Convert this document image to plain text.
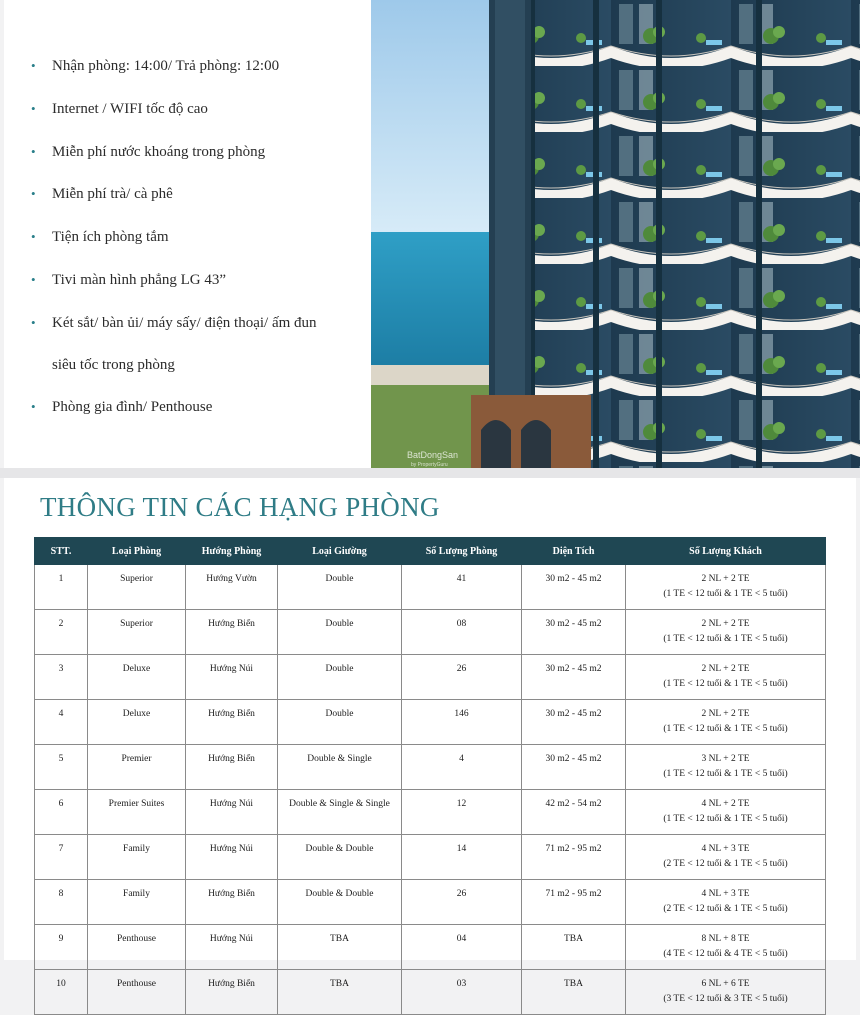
• Nhận phòng: 14:00/ Trả phòng: 12:00
• Internet / WIFI tốc độ cao
• Miễn phí nước khoáng trong phòng
• Miễn phí trà/ cà phê
• Tiện ích phòng tắm
• Tivi màn hình phẳng LG 43”
• Két sắt/ bàn ủi/ máy sấy/ điện thoại/ ấm đun
siêu tốc trong phòng
• Phòng gia đình/ Penthouse
BatDongSan
by PropertyGuru
THÔNG TIN CÁC HẠNG PHÒNG
STT.	Loại Phòng	Hướng Phòng	Loại Giường	Số Lượng Phòng	Diện Tích	Số Lượng Khách
1	Superior	Hướng Vườn	Double	41	30 m2 - 45 m2	2 NL + 2 TE
(1 TE < 12 tuổi & 1 TE < 5 tuổi)

2	Superior	Hướng Biển	Double	08	30 m2 - 45 m2	2 NL + 2 TE
(1 TE < 12 tuổi & 1 TE < 5 tuổi)

3	Deluxe	Hướng Núi	Double	26	30 m2 - 45 m2	2 NL + 2 TE
(1 TE < 12 tuổi & 1 TE < 5 tuổi)

4	Deluxe	Hướng Biển	Double	146	30 m2 - 45 m2	2 NL + 2 TE
(1 TE < 12 tuổi & 1 TE < 5 tuổi)

5	Premier	Hướng Biển	Double & Single	4	30 m2 - 45 m2	3 NL + 2 TE
(1 TE < 12 tuổi & 1 TE < 5 tuổi)

6	Premier Suites	Hướng Núi	Double & Single & Single	12	42 m2 - 54 m2	4 NL + 2 TE
(1 TE < 12 tuổi & 1 TE < 5 tuổi)

7	Family	Hướng Núi	Double & Double	14	71 m2 - 95 m2	4 NL + 3 TE
(2 TE < 12 tuổi & 1 TE < 5 tuổi)

8	Family	Hướng Biển	Double & Double	26	71 m2 - 95 m2	4 NL + 3 TE
(2 TE < 12 tuổi & 1 TE < 5 tuổi)

9	Penthouse	Hướng Núi	TBA	04	TBA	8 NL + 8 TE
(4 TE < 12 tuổi & 4 TE < 5 tuổi)

10	Penthouse	Hướng Biển	TBA	03	TBA	6 NL + 6 TE
(3 TE < 12 tuổi & 3 TE < 5 tuổi)
